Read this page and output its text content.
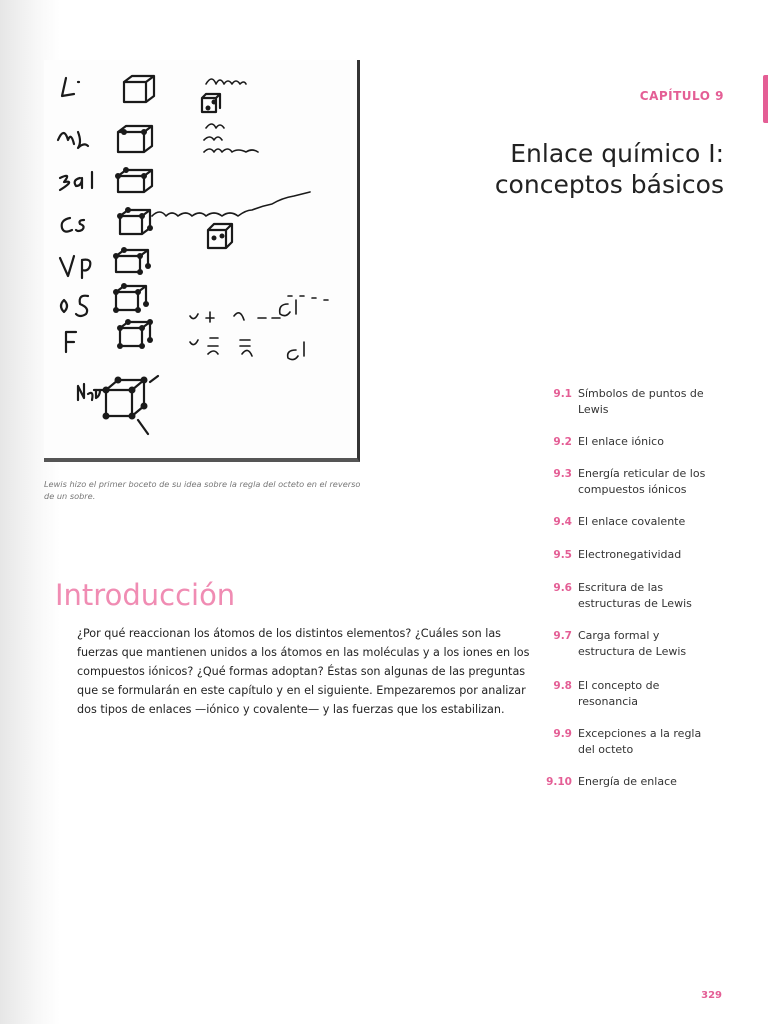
Lewis hizo el primer boceto de su idea sobre la regla del octeto en el reverso de un sobre.
CAPÍTULO 9
Enlace químico I: conceptos básicos
Introducción
¿Por qué reaccionan los átomos de los distintos elementos? ¿Cuáles son las fuerzas que mantienen unidos a los átomos en las moléculas y a los iones en los compuestos iónicos? ¿Qué formas adoptan? Éstas son algunas de las preguntas que se formularán en este capítulo y en el siguiente. Empezaremos por analizar dos tipos de enlaces —iónico y covalente— y las fuerzas que los estabilizan.
9.1 Símbolos de puntos de Lewis
9.2 El enlace iónico
9.3 Energía reticular de los compuestos iónicos
9.4 El enlace covalente
9.5 Electronegatividad
9.6 Escritura de las estructuras de Lewis
9.7 Carga formal y estructura de Lewis
9.8 El concepto de resonancia
9.9 Excepciones a la regla del octeto
9.10 Energía de enlace
329
